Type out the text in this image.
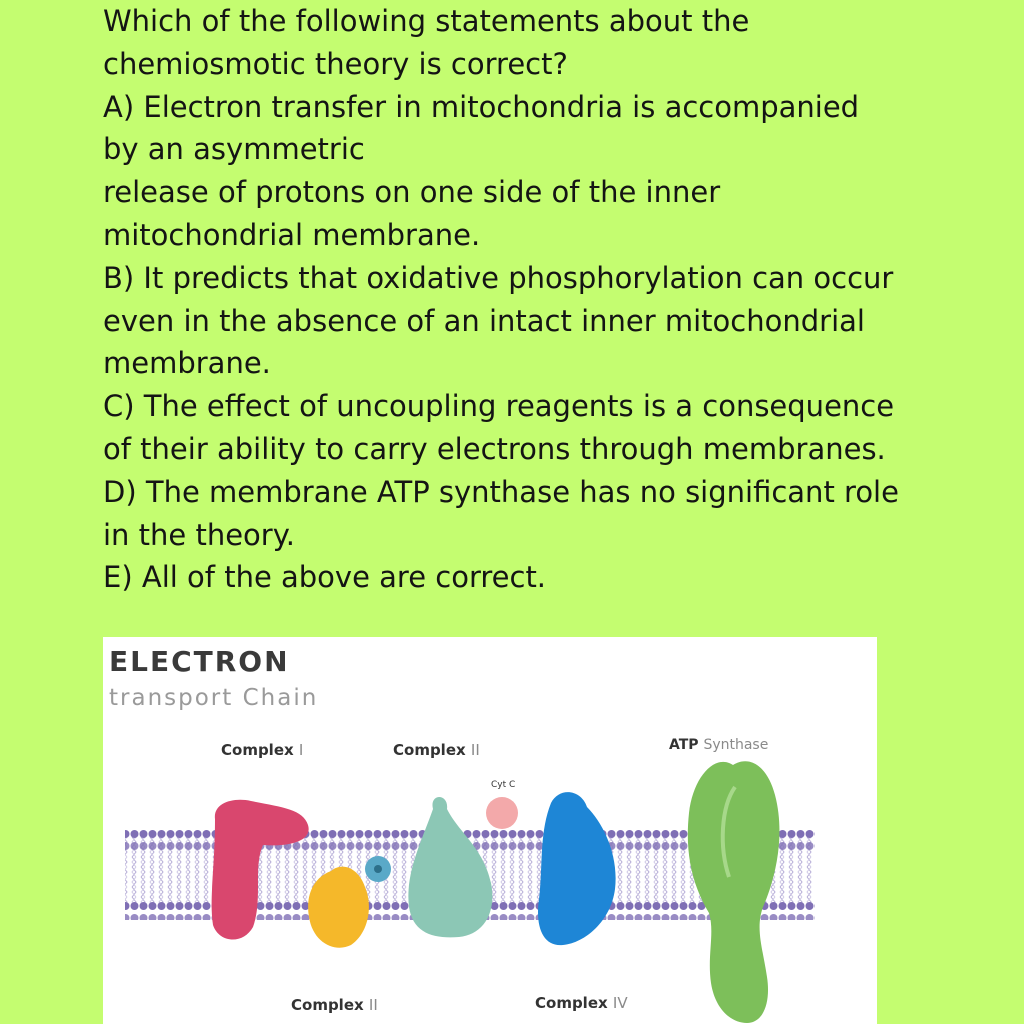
Which of the following statements about the
chemiosmotic theory is correct?
A) Electron transfer in mitochondria is accompanied
by an asymmetric
release of protons on one side of the inner
mitochondrial membrane.
B) It predicts that oxidative phosphorylation can occur
even in the absence of an intact inner mitochondrial
membrane.
C) The effect of uncoupling reagents is a consequence
of their ability to carry electrons through membranes.
D) The membrane ATP synthase has no significant role
in the theory.
E) All of the above are correct.
ELECTRON
transport Chain
Complex I	Complex II
Cyt C
ATP Synthase
Complex II	Complex IV
